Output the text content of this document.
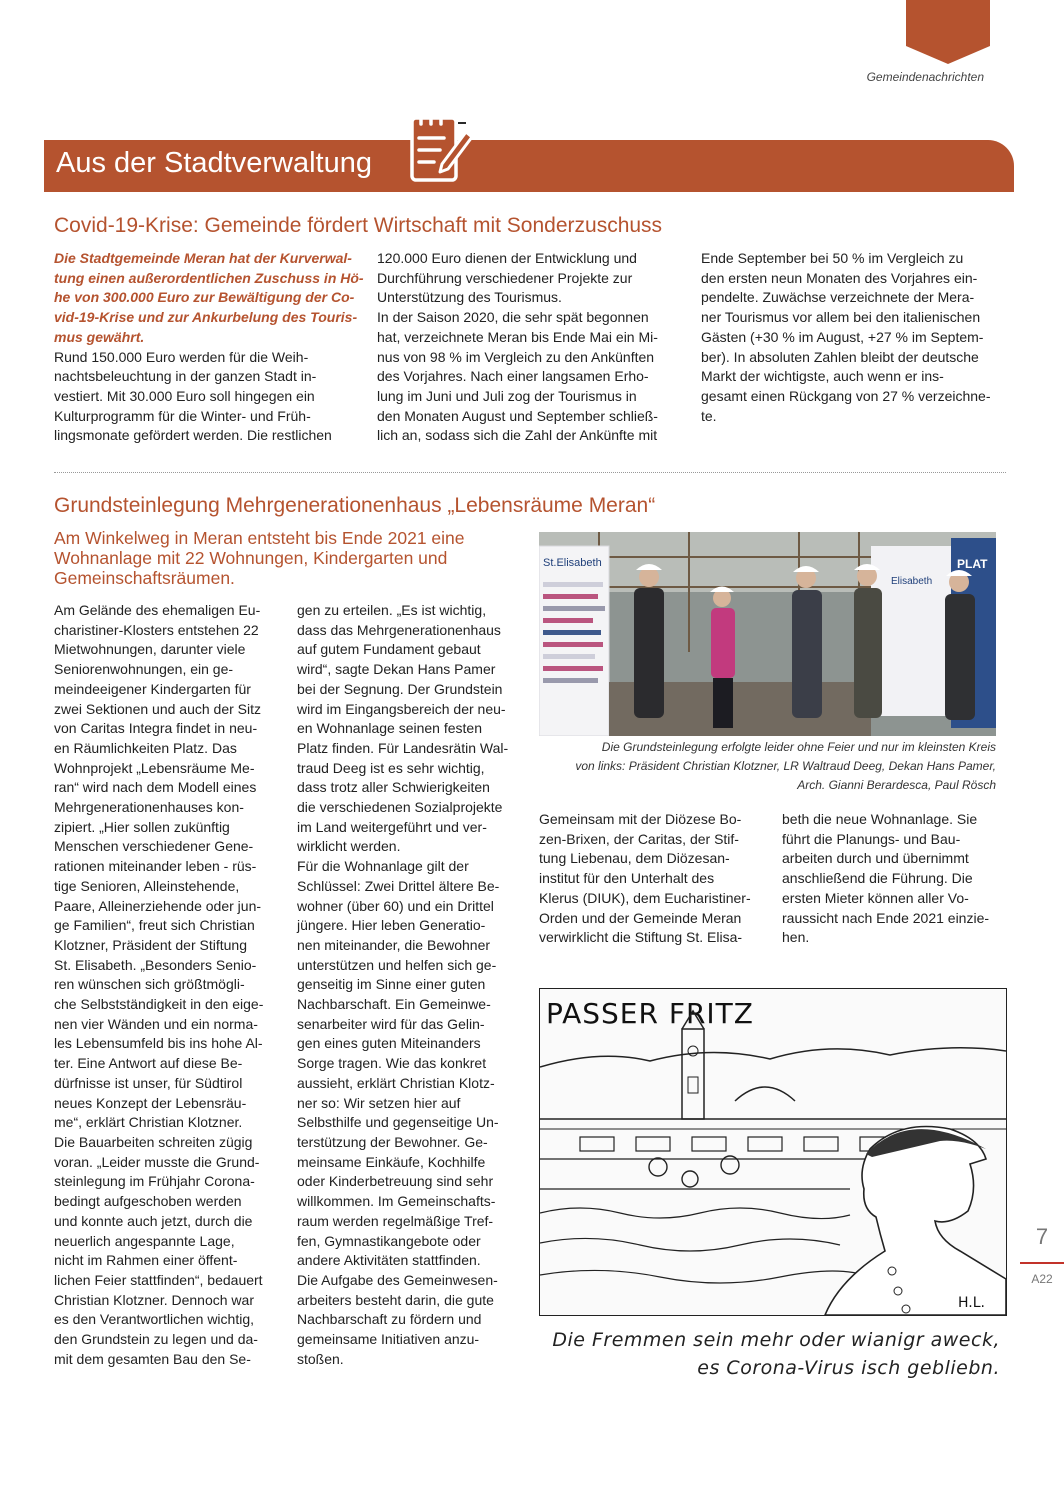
Gemeindenachrichten
Aus der Stadtverwaltung
Covid-19-Krise: Gemeinde fördert Wirtschaft mit Sonderzuschuss
Die Stadtgemeinde Meran hat der Kurverwal-
tung einen außerordentlichen Zuschuss in Hö-
he von 300.000 Euro zur Bewältigung der Co-
vid-19-Krise und zur Ankurbelung des Touris-
mus gewährt.
Rund 150.000 Euro werden für die Weih-
nachtsbeleuchtung in der ganzen Stadt in-
vestiert. Mit 30.000 Euro soll hingegen ein
Kulturprogramm für die Winter- und Früh-
lingsmonate gefördert werden. Die restlichen
120.000 Euro dienen der Entwicklung und
Durchführung verschiedener Projekte zur
Unterstützung des Tourismus.
In der Saison 2020, die sehr spät begonnen
hat, verzeichnete Meran bis Ende Mai ein Mi-
nus von 98 % im Vergleich zu den Ankünften
des Vorjahres. Nach einer langsamen Erho-
lung im Juni und Juli zog der Tourismus in
den Monaten August und September schließ-
lich an, sodass sich die Zahl der Ankünfte mit
Ende September bei 50 % im Vergleich zu
den ersten neun Monaten des Vorjahres ein-
pendelte. Zuwächse verzeichnete der Mera-
ner Tourismus vor allem bei den italienischen
Gästen (+30 % im August, +27 % im Septem-
ber). In absoluten Zahlen bleibt der deutsche
Markt der wichtigste, auch wenn er ins-
gesamt einen Rückgang von 27 % verzeichne-
te.
Grundsteinlegung Mehrgenerationenhaus „Lebensräume Meran“
Am Winkelweg in Meran entsteht bis Ende 2021 eine
Wohnanlage mit 22 Wohnungen, Kindergarten und
Gemeinschaftsräumen.
Am Gelände des ehemaligen Eu-
charistiner-Klosters entstehen 22
Mietwohnungen, darunter viele
Seniorenwohnungen, ein ge-
meindeeigener Kindergarten für
zwei Sektionen und auch der Sitz
von Caritas Integra findet in neu-
en Räumlichkeiten Platz. Das
Wohnprojekt „Lebensräume Me-
ran“ wird nach dem Modell eines
Mehrgenerationenhauses kon-
zipiert. „Hier sollen zukünftig
Menschen verschiedener Gene-
rationen miteinander leben - rüs-
tige Senioren, Alleinstehende,
Paare, Alleinerziehende oder jun-
ge Familien“, freut sich Christian
Klotzner, Präsident der Stiftung
St. Elisabeth. „Besonders Senio-
ren wünschen sich größtmögli-
che Selbstständigkeit in den eige-
nen vier Wänden und ein norma-
les Lebensumfeld bis ins hohe Al-
ter. Eine Antwort auf diese Be-
dürfnisse ist unser, für Südtirol
neues Konzept der Lebensräu-
me“, erklärt Christian Klotzner.
Die Bauarbeiten schreiten zügig
voran. „Leider musste die Grund-
steinlegung im Frühjahr Corona-
bedingt aufgeschoben werden
und konnte auch jetzt, durch die
neuerlich angespannte Lage,
nicht im Rahmen einer öffent-
lichen Feier stattfinden“, bedauert
Christian Klotzner. Dennoch war
es den Verantwortlichen wichtig,
den Grundstein zu legen und da-
mit dem gesamten Bau den Se-
gen zu erteilen. „Es ist wichtig,
dass das Mehrgenerationenhaus
auf gutem Fundament gebaut
wird“, sagte Dekan Hans Pamer
bei der Segnung. Der Grundstein
wird im Eingangsbereich der neu-
en Wohnanlage seinen festen
Platz finden. Für Landesrätin Wal-
traud Deeg ist es sehr wichtig,
dass trotz aller Schwierigkeiten
die verschiedenen Sozialprojekte
im Land weitergeführt und ver-
wirklicht werden.
Für die Wohnanlage gilt der
Schlüssel: Zwei Drittel ältere Be-
wohner (über 60) und ein Drittel
jüngere. Hier leben Generatio-
nen miteinander, die Bewohner
unterstützen und helfen sich ge-
genseitig im Sinne einer guten
Nachbarschaft. Ein Gemeinwe-
senarbeiter wird für das Gelin-
gen eines guten Miteinanders
Sorge tragen. Wie das konkret
aussieht, erklärt Christian Klotz-
ner so: Wir setzen hier auf
Selbsthilfe und gegenseitige Un-
terstützung der Bewohner. Ge-
meinsame Einkäufe, Kochhilfe
oder Kinderbetreuung sind sehr
willkommen. Im Gemeinschafts-
raum werden regelmäßige Tref-
fen, Gymnastikangebote oder
andere Aktivitäten stattfinden.
Die Aufgabe des Gemeinwesen-
arbeiters besteht darin, die gute
Nachbarschaft zu fördern und
gemeinsame Initiativen anzu-
stoßen.
Gemeinsam mit der Diözese Bo-
zen-Brixen, der Caritas, der Stif-
tung Liebenau, dem Diözesan-
institut für den Unterhalt des
Klerus (DIUK), dem Eucharistiner-
Orden und der Gemeinde Meran
verwirklicht die Stiftung St. Elisa-
beth die neue Wohnanlage. Sie
führt die Planungs- und Bau-
arbeiten durch und übernimmt
anschließend die Führung. Die
ersten Mieter können aller Vo-
raussicht nach Ende 2021 einzie-
hen.
St.Elisabeth
Elisabeth
PLAT
Die Grundsteinlegung erfolgte leider ohne Feier und nur im kleinsten Kreis
von links: Präsident Christian Klotzner, LR Waltraud Deeg, Dekan Hans Pamer,
Arch. Gianni Berardesca, Paul Rösch
PASSER FRITZ
H.L.
Die Fremmen sein mehr oder wianigr aweck,
es Corona-Virus isch gebliebn.
7
A22
